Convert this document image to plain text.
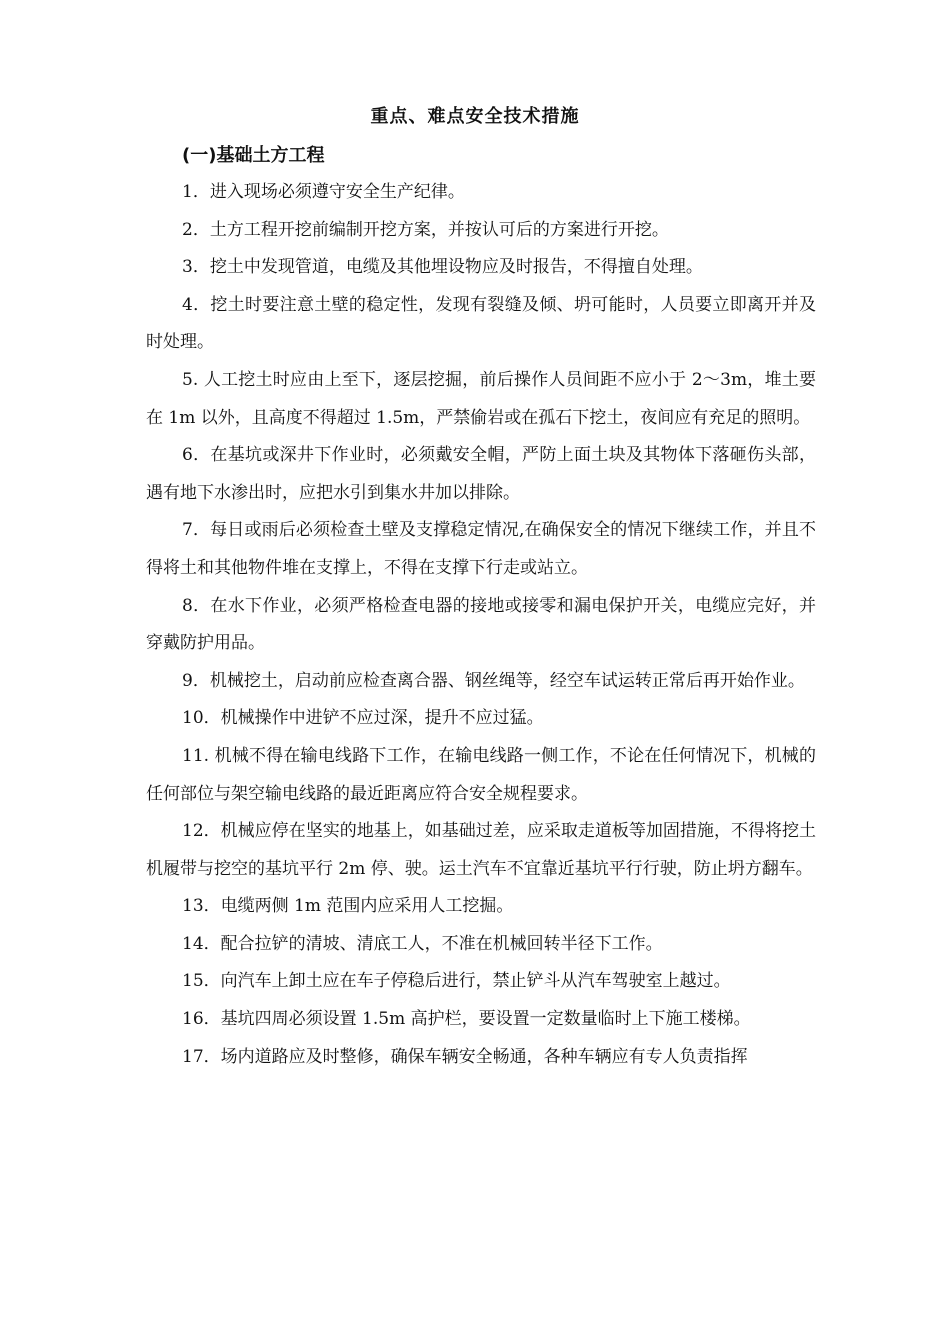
重点、难点安全技术措施
(一)基础土方工程
1．进入现场必须遵守安全生产纪律。
2．土方工程开挖前编制开挖方案，并按认可后的方案进行开挖。
3．挖土中发现管道，电缆及其他埋设物应及时报告，不得擅自处理。
4．挖土时要注意土壁的稳定性，发现有裂缝及倾、坍可能时，人员要立即离开并及时处理。
5. 人工挖土时应由上至下，逐层挖掘，前后操作人员间距不应小于 2～3m，堆土要在 1m 以外，且高度不得超过 1.5m，严禁偷岩或在孤石下挖土，夜间应有充足的照明。
6．在基坑或深井下作业时，必须戴安全帽，严防上面土块及其物体下落砸伤头部，遇有地下水渗出时，应把水引到集水井加以排除。
7．每日或雨后必须检查土壁及支撑稳定情况,在确保安全的情况下继续工作，并且不得将土和其他物件堆在支撑上，不得在支撑下行走或站立。
8．在水下作业，必须严格检查电器的接地或接零和漏电保护开关，电缆应完好，并穿戴防护用品。
9．机械挖土，启动前应检查离合器、钢丝绳等，经空车试运转正常后再开始作业。
10．机械操作中进铲不应过深，提升不应过猛。
11. 机械不得在输电线路下工作，在输电线路一侧工作，不论在任何情况下，机械的任何部位与架空输电线路的最近距离应符合安全规程要求。
12．机械应停在坚实的地基上，如基础过差，应采取走道板等加固措施，不得将挖土机履带与挖空的基坑平行 2m 停、驶。运土汽车不宜靠近基坑平行行驶，防止坍方翻车。
13．电缆两侧 1m 范围内应采用人工挖掘。
14．配合拉铲的清坡、清底工人，不准在机械回转半径下工作。
15．向汽车上卸土应在车子停稳后进行，禁止铲斗从汽车驾驶室上越过。
16．基坑四周必须设置 1.5m 高护栏，要设置一定数量临时上下施工楼梯。
17．场内道路应及时整修，确保车辆安全畅通，各种车辆应有专人负责指挥
